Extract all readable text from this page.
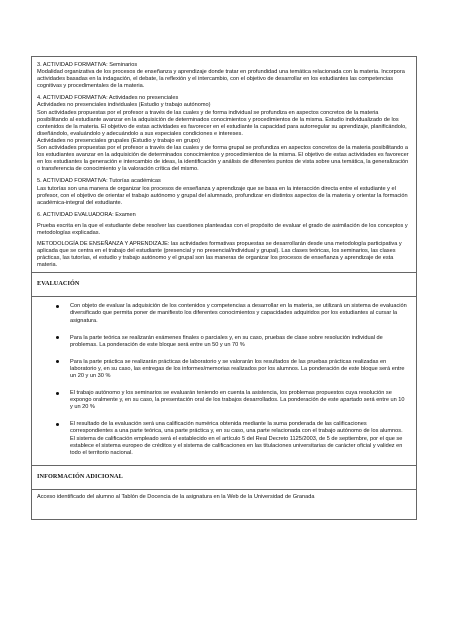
3. ACTIVIDAD FORMATIVA: Seminarios

Modalidad organizativa de los procesos de enseñanza y aprendizaje donde tratar en profundidad una temática relacionada con la materia. Incorpora actividades basadas en la indagación, el debate, la reflexión y el intercambio, con el objetivo de desarrollar en los estudiantes las competencias cognitivas y procedimentales de la materia.

4. ACTIVIDAD FORMATIVA: Actividades no presenciales

Actividades no presenciales individuales (Estudio y trabajo autónomo)

Son actividades propuestas por el profesor a través de las cuales y de forma individual se profundiza en aspectos concretos de la materia posibilitando al estudiante avanzar en la adquisición de determinados conocimientos y procedimientos de la misma. Estudio individualizado de los contenidos de la materia. El objetivo de estas actividades es favorecer en el estudiante la capacidad para autorregular su aprendizaje, planificándolo, diseñándolo, evaluándolo y adecuándolo a sus especiales condiciones e intereses.

Actividades no presenciales grupales (Estudio y trabajo en grupo)

Son actividades propuestas por el profesor a través de las cuales y de forma grupal se profundiza en aspectos concretos de la materia posibilitando a los estudiantes avanzar en la adquisición de determinados conocimientos y procedimientos de la misma. El objetivo de estas actividades es favorecer en los estudiantes la generación e intercambio de ideas, la identificación y análisis de diferentes puntos de vista sobre una temática, la generalización o transferencia de conocimiento y la valoración crítica del mismo.

5. ACTIVIDAD FORMATIVA: Tutorías académicas

Las tutorías son una manera de organizar los procesos de enseñanza y aprendizaje que se basa en la interacción directa entre el estudiante y el profesor, con el objetivo de orientar el trabajo autónomo y grupal del alumnado, profundizar en distintos aspectos de la materia y orientar la formación académica-integral del estudiante.

6. ACTIVIDAD EVALUADORA: Examen

Prueba escrita en la que el estudiante debe resolver las cuestiones planteadas con el propósito de evaluar el grado de asimilación de los conceptos y metodologías explicadas.

METODOLOGÍA DE ENSEÑANZA Y APRENDIZAJE: las actividades formativas propuestas se desarrollarán desde una metodología participativa y aplicada que se centra en el trabajo del estudiante (presencial y no presencial/individual y grupal). Las clases teóricas, los seminarios, las clases prácticas, las tutorías, el estudio y trabajo autónomo y el grupal son las maneras de organizar los procesos de enseñanza y aprendizaje de esta materia.

EVALUACIÓN
Con objeto de evaluar la adquisición de los contenidos y competencias a desarrollar en la materia, se utilizará un sistema de evaluación diversificado que permita poner de manifiesto los diferentes conocimientos y capacidades adquiridos por los estudiantes al cursar la asignatura.
Para la parte teórica se realizarán exámenes finales o parciales y, en su caso, pruebas de clase sobre resolución individual de problemas. La ponderación de este bloque será entre un 50 y un 70 %
Para la parte práctica se realizarán prácticas de laboratorio y se valorarán los resultados de las pruebas prácticas realizadas en laboratorio y, en su caso, las entregas de los informes/memorias realizados por los alumnos. La ponderación de este bloque será entre un 20 y un 30 %
El trabajo autónomo y los seminarios se evaluarán teniendo en cuenta la asistencia, los problemas propuestos cuya resolución se expongo oralmente y, en su caso, la presentación oral de los trabajos desarrollados. La ponderación de este apartado será entre un 10 y un 20 %
El resultado de la evaluación será una calificación numérica obtenida mediante la suma ponderada de las calificaciones correspondientes a una parte teórica, una parte práctica y, en su caso, una parte relacionada con el trabajo autónomo de los alumnos. El sistema de calificación empleado será el establecido en el artículo 5 del Real Decreto 1125/2003, de 5 de septiembre, por el que se establece el sistema europeo de créditos y el sistema de calificaciones en las titulaciones universitarias de carácter oficial y validez en todo el territorio nacional.
INFORMACIÓN ADICIONAL
Acceso identificado del alumno al Tablón de Docencia de la asignatura en la Web de la Universidad de Granada
